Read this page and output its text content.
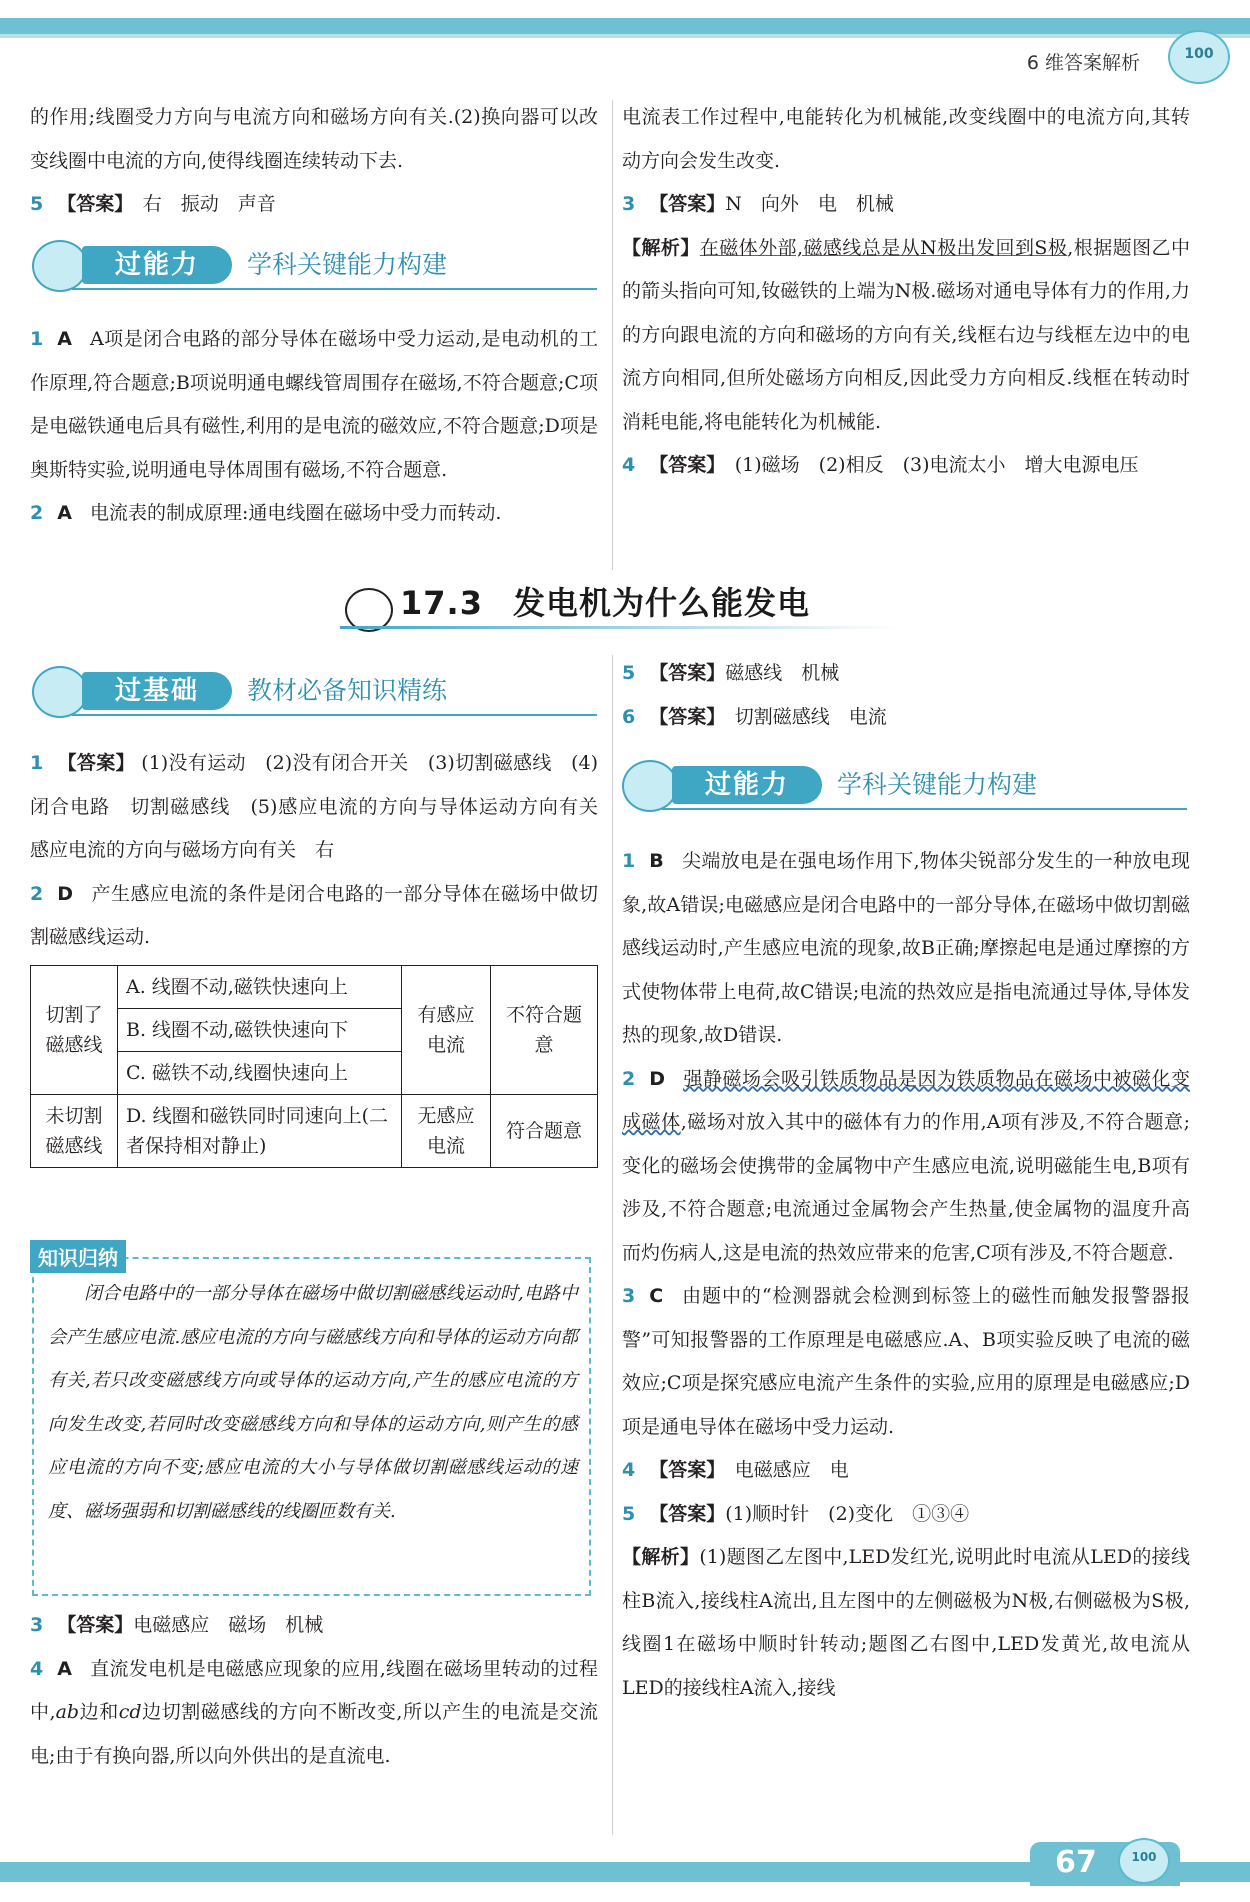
6 维答案解析	100

的作用;线圈受力方向与电流方向和磁场方向有关.(2)换向器可以改变线圈中电流的方向,使得线圈连续转动下去.

5 【答案】　 右　振动　声音

过能力	学科关键能力构建

1 A A项是闭合电路的部分导体在磁场中受力运动,是电动机的工作原理,符合题意;B项说明通电螺线管周围存在磁场,不符合题意;C项是电磁铁通电后具有磁性,利用的是电流的磁效应,不符合题意;D项是奥斯特实验,说明通电导体周围有磁场,不符合题意.

2 A 电流表的制成原理:通电线圈在磁场中受力而转动.

电流表工作过程中,电能转化为机械能,改变线圈中的电流方向,其转动方向会发生改变.

3 【答案】N　向外　电　机械

【解析】在磁体外部,磁感线总是从N极出发回到S极,根据题图乙中的箭头指向可知,钕磁铁的上端为N极.磁场对通电导体有力的作用,力的方向跟电流的方向和磁场的方向有关,线框右边与线框左边中的电流方向相同,但所处磁场方向相反,因此受力方向相反.线框在转动时消耗电能,将电能转化为机械能.

4 【答案】　 (1)磁场　(2)相反　(3)电流太小　增大电源电压

17.3 发电机为什么能发电
过基础	教材必备知识精练

1 【答案】 (1)没有运动　(2)没有闭合开关　(3)切割磁感线　(4)闭合电路　切割磁感线　(5)感应电流的方向与导体运动方向有关　感应电流的方向与磁场方向有关　右

2 D 产生感应电流的条件是闭合电路的一部分导体在磁场中做切割磁感线运动.

切割了磁感线	A. 线圈不动,磁铁快速向上	有感应电流	不符合题意
	B. 线圈不动,磁铁快速向下		
	C. 磁铁不动,线圈快速向上		
未切割磁感线	D. 线圈和磁铁同时同速向上(二者保持相对静止)	无感应电流	符合题意
知识归纳
闭合电路中的一部分导体在磁场中做切割磁感线运动时,电路中会产生感应电流.感应电流的方向与磁感线方向和导体的运动方向都有关,若只改变磁感线方向或导体的运动方向,产生的感应电流的方向发生改变,若同时改变磁感线方向和导体的运动方向,则产生的感应电流的方向不变;感应电流的大小与导体做切割磁感线运动的速度、磁场强弱和切割磁感线的线圈匝数有关.

3 【答案】电磁感应　磁场　机械

4 A 直流发电机是电磁感应现象的应用,线圈在磁场里转动的过程中,ab边和cd边切割磁感线的方向不断改变,所以产生的电流是交流电;由于有换向器,所以向外供出的是直流电.

5 【答案】磁感线　机械

6 【答案】　 切割磁感线　电流

过能力	学科关键能力构建

1 B 尖端放电是在强电场作用下,物体尖锐部分发生的一种放电现象,故A错误;电磁感应是闭合电路中的一部分导体,在磁场中做切割磁感线运动时,产生感应电流的现象,故B正确;摩擦起电是通过摩擦的方式使物体带上电荷,故C错误;电流的热效应是指电流通过导体,导体发热的现象,故D错误.

2 D 强静磁场会吸引铁质物品是因为铁质物品在磁场中被磁化变成磁体,磁场对放入其中的磁体有力的作用,A项有涉及,不符合题意;变化的磁场会使携带的金属物中产生感应电流,说明磁能生电,B项有涉及,不符合题意;电流通过金属物会产生热量,使金属物的温度升高而灼伤病人,这是电流的热效应带来的危害,C项有涉及,不符合题意.

3 C 由题中的“检测器就会检测到标签上的磁性而触发报警器报警”可知报警器的工作原理是电磁感应.A、B项实验反映了电流的磁效应;C项是探究感应电流产生条件的实验,应用的原理是电磁感应;D项是通电导体在磁场中受力运动.

4 【答案】　 电磁感应　电

5 【答案】(1)顺时针　(2)变化　①③④

【解析】(1)题图乙左图中,LED发红光,说明此时电流从LED的接线柱B流入,接线柱A流出,且左图中的左侧磁极为N极,右侧磁极为S极,线圈1在磁场中顺时针转动;题图乙右图中,LED发黄光,故电流从LED的接线柱A流入,接线

67	100
